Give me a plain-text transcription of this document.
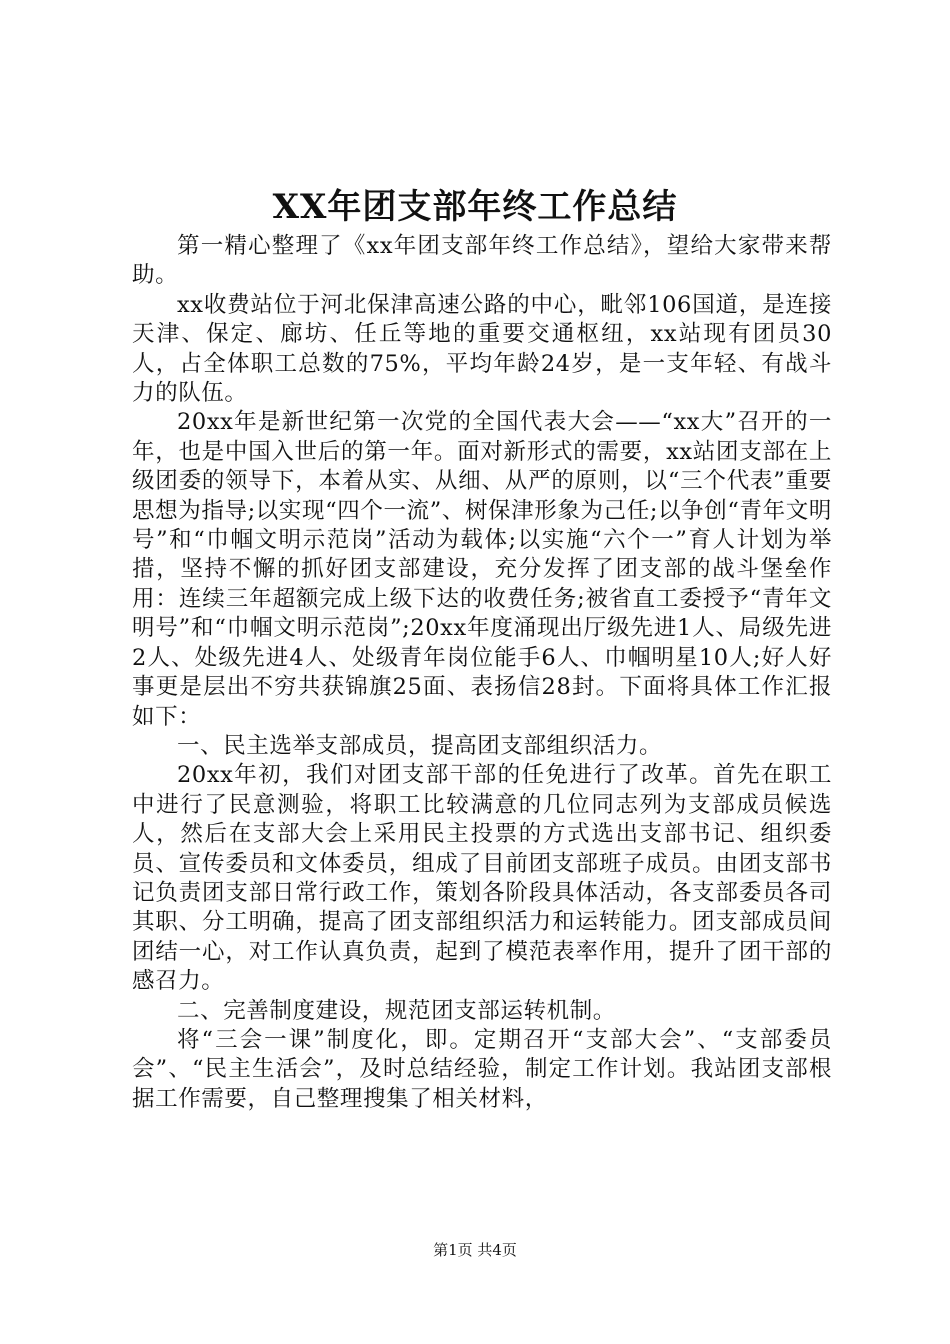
XX年团支部年终工作总结

第一精心整理了《xx年团支部年终工作总结》，望给大家带来帮助。

xx收费站位于河北保津高速公路的中心，毗邻106国道，是连接天津、保定、廊坊、任丘等地的重要交通枢纽，xx站现有团员30人，占全体职工总数的75%，平均年龄24岁，是一支年轻、有战斗力的队伍。

20xx年是新世纪第一次党的全国代表大会——“xx大”召开的一年，也是中国入世后的第一年。面对新形式的需要，xx站团支部在上级团委的领导下，本着从实、从细、从严的原则，以“三个代表”重要思想为指导;以实现“四个一流”、树保津形象为己任;以争创“青年文明号”和“巾帼文明示范岗”活动为载体;以实施“六个一”育人计划为举措，坚持不懈的抓好团支部建设，充分发挥了团支部的战斗堡垒作用：连续三年超额完成上级下达的收费任务;被省直工委授予“青年文明号”和“巾帼文明示范岗”;20xx年度涌现出厅级先进1人、局级先进2人、处级先进4人、处级青年岗位能手6人、巾帼明星10人;好人好事更是层出不穷共获锦旗25面、表扬信28封。下面将具体工作汇报如下：

一、民主选举支部成员，提高团支部组织活力。

20xx年初，我们对团支部干部的任免进行了改革。首先在职工中进行了民意测验，将职工比较满意的几位同志列为支部成员候选人，然后在支部大会上采用民主投票的方式选出支部书记、组织委员、宣传委员和文体委员，组成了目前团支部班子成员。由团支部书记负责团支部日常行政工作，策划各阶段具体活动，各支部委员各司其职、分工明确，提高了团支部组织活力和运转能力。团支部成员间团结一心，对工作认真负责，起到了模范表率作用，提升了团干部的感召力。

二、完善制度建设，规范团支部运转机制。

将“三会一课”制度化，即。定期召开“支部大会”、“支部委员会”、“民主生活会”，及时总结经验，制定工作计划。我站团支部根据工作需要，自己整理搜集了相关材料，

第1页 共4页
